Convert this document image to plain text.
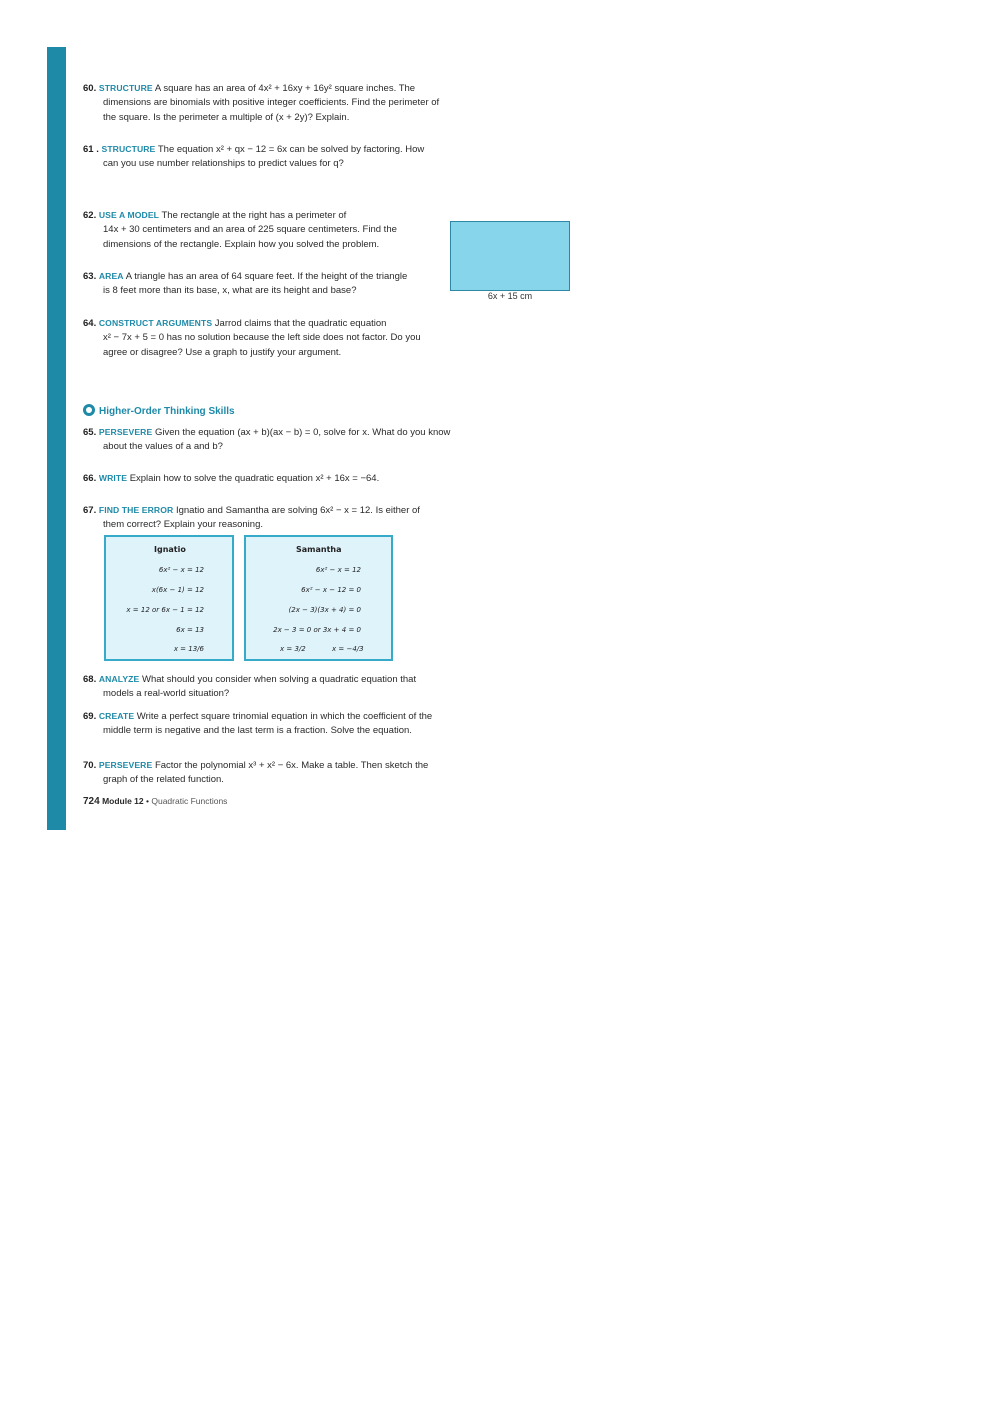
60. STRUCTURE A square has an area of 4x² + 16xy + 16y² square inches. The
dimensions are binomials with positive integer coefficients. Find the perimeter of
the square. Is the perimeter a multiple of (x + 2y)? Explain.
61 . STRUCTURE The equation x² + qx − 12 = 6x can be solved by factoring. How
can you use number relationships to predict values for q?
62. USE A MODEL The rectangle at the right has a perimeter of
14x + 30 centimeters and an area of 225 square centimeters. Find the
dimensions of the rectangle. Explain how you solved the problem.
63. AREA A triangle has an area of 64 square feet. If the height of the triangle
is 8 feet more than its base, x, what are its height and base?	6x + 15 cm
64. CONSTRUCT ARGUMENTS Jarrod claims that the quadratic equation
x² − 7x + 5 = 0 has no solution because the left side does not factor. Do you
agree or disagree? Use a graph to justify your argument.
Higher-Order Thinking Skills
65. PERSEVERE Given the equation (ax + b)(ax − b) = 0, solve for x. What do you know
about the values of a and b?
66. WRITE Explain how to solve the quadratic equation x² + 16x = −64.
67. FIND THE ERROR Ignatio and Samantha are solving 6x² − x = 12. Is either of
them correct? Explain your reasoning.
Ignatio
6x² − x = 12
x(6x − 1) = 12
x = 12 or 6x − 1 = 12
6x = 13
x = 13/6
Samantha
6x² − x = 12
6x² − x − 12 = 0
(2x − 3)(3x + 4) = 0
2x − 3 = 0 or 3x + 4 = 0
x = 3/2	x = −4/3
68. ANALYZE What should you consider when solving a quadratic equation that
models a real-world situation?
69. CREATE Write a perfect square trinomial equation in which the coefficient of the
middle term is negative and the last term is a fraction. Solve the equation.
70. PERSEVERE Factor the polynomial x³ + x² − 6x. Make a table. Then sketch the
graph of the related function.
724 Module 12 • Quadratic Functions
